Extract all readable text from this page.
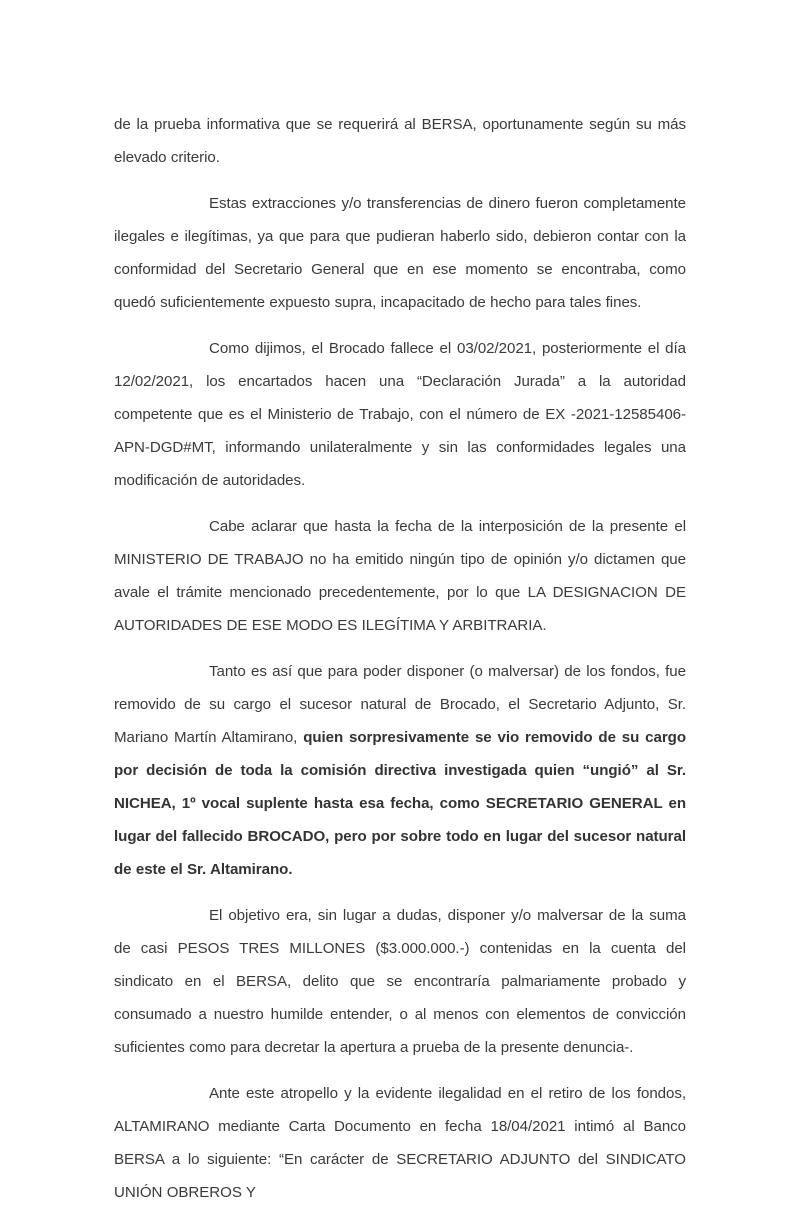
de la prueba informativa que se requerirá al BERSA, oportunamente según su más elevado criterio.

Estas extracciones y/o transferencias de dinero fueron completamente ilegales e ilegítimas, ya que para que pudieran haberlo sido, debieron contar con la conformidad del Secretario General que en ese momento se encontraba, como quedó suficientemente expuesto supra, incapacitado de hecho para tales fines.

Como dijimos, el Brocado fallece el 03/02/2021, posteriormente el día 12/02/2021, los encartados hacen una “Declaración Jurada” a la autoridad competente que es el Ministerio de Trabajo, con el número de EX -2021-12585406- APN-DGD#MT, informando unilateralmente y sin las conformidades legales una modificación de autoridades.

Cabe aclarar que hasta la fecha de la interposición de la presente el MINISTERIO DE TRABAJO no ha emitido ningún tipo de opinión y/o dictamen que avale el trámite mencionado precedentemente, por lo que LA DESIGNACION DE AUTORIDADES DE ESE MODO ES ILEGÍTIMA Y ARBITRARIA.

Tanto es así que para poder disponer (o malversar) de los fondos, fue removido de su cargo el sucesor natural de Brocado, el Secretario Adjunto, Sr. Mariano Martín Altamirano, quien sorpresivamente se vio removido de su cargo por decisión de toda la comisión directiva investigada quien “ungió” al Sr. NICHEA, 1º vocal suplente hasta esa fecha, como SECRETARIO GENERAL en lugar del fallecido BROCADO, pero por sobre todo en lugar del sucesor natural de este el Sr. Altamirano.

El objetivo era, sin lugar a dudas, disponer y/o malversar de la suma de casi PESOS TRES MILLONES ($3.000.000.-) contenidas en la cuenta del sindicato en el BERSA, delito que se encontraría palmariamente probado y consumado a nuestro humilde entender, o al menos con elementos de convicción suficientes como para decretar la apertura a prueba de la presente denuncia-.

Ante este atropello y la evidente ilegalidad en el retiro de los fondos, ALTAMIRANO mediante Carta Documento en fecha 18/04/2021 intimó al Banco BERSA a lo siguiente: “En carácter de SECRETARIO ADJUNTO del SINDICATO UNIÓN OBREROS Y
